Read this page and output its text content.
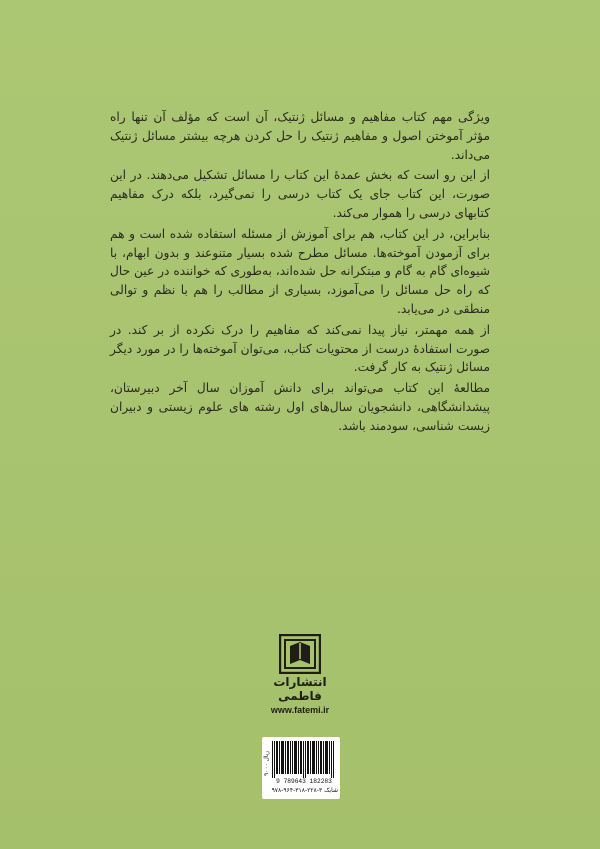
ویژگی مهم کتاب مفاهیم و مسائل ژنتیک، آن است که مؤلف آن تنها راه مؤثر آموختن اصول و مفاهیم ژنتیک را حل کردن هرچه بیشتر مسائل ژنتیک می‌داند.

از این رو است که بخش عمدهٔ این کتاب را مسائل تشکیل می‌دهند. در این صورت، این کتاب جای یک کتاب درسی را نمی‌گیرد، بلکه درک مفاهیم کتابهای درسی را هموار می‌کند.

بنابراین، در این کتاب، هم برای آموزش از مسئله استفاده شده است و هم برای آزمودن آموخته‌ها. مسائل مطرح شده بسیار متنوعند و بدون ابهام، با شیوه‌ای گام به گام و مبتکرانه حل شده‌اند، به‌طوری که خواننده در عین حال که راه حل مسائل را می‌آموزد، بسیاری از مطالب را هم با نظم و توالی منطقی در می‌یابد.

از همه مهمتر، نیاز پیدا نمی‌کند که مفاهیم را درک نکرده از بر کند. در صورت استفادهٔ درست از محتویات کتاب، می‌توان آموخته‌ها را در مورد دیگر مسائل ژنتیک به کار گرفت.

مطالعهٔ این کتاب می‌تواند برای دانش آموزان سال آخر دبیرستان، پیشدانشگاهی، دانشجویان سال‌های اول رشته های علوم زیستی و دبیران زیست شناسی، سودمند باشد.

انتشارات فاطمی
www.fatemi.ir
۹۰۰۰ ریال
9 789643 182283
شابک ۳-۲۲۸-۳۱۸-۹۶۴-۹۷۸
